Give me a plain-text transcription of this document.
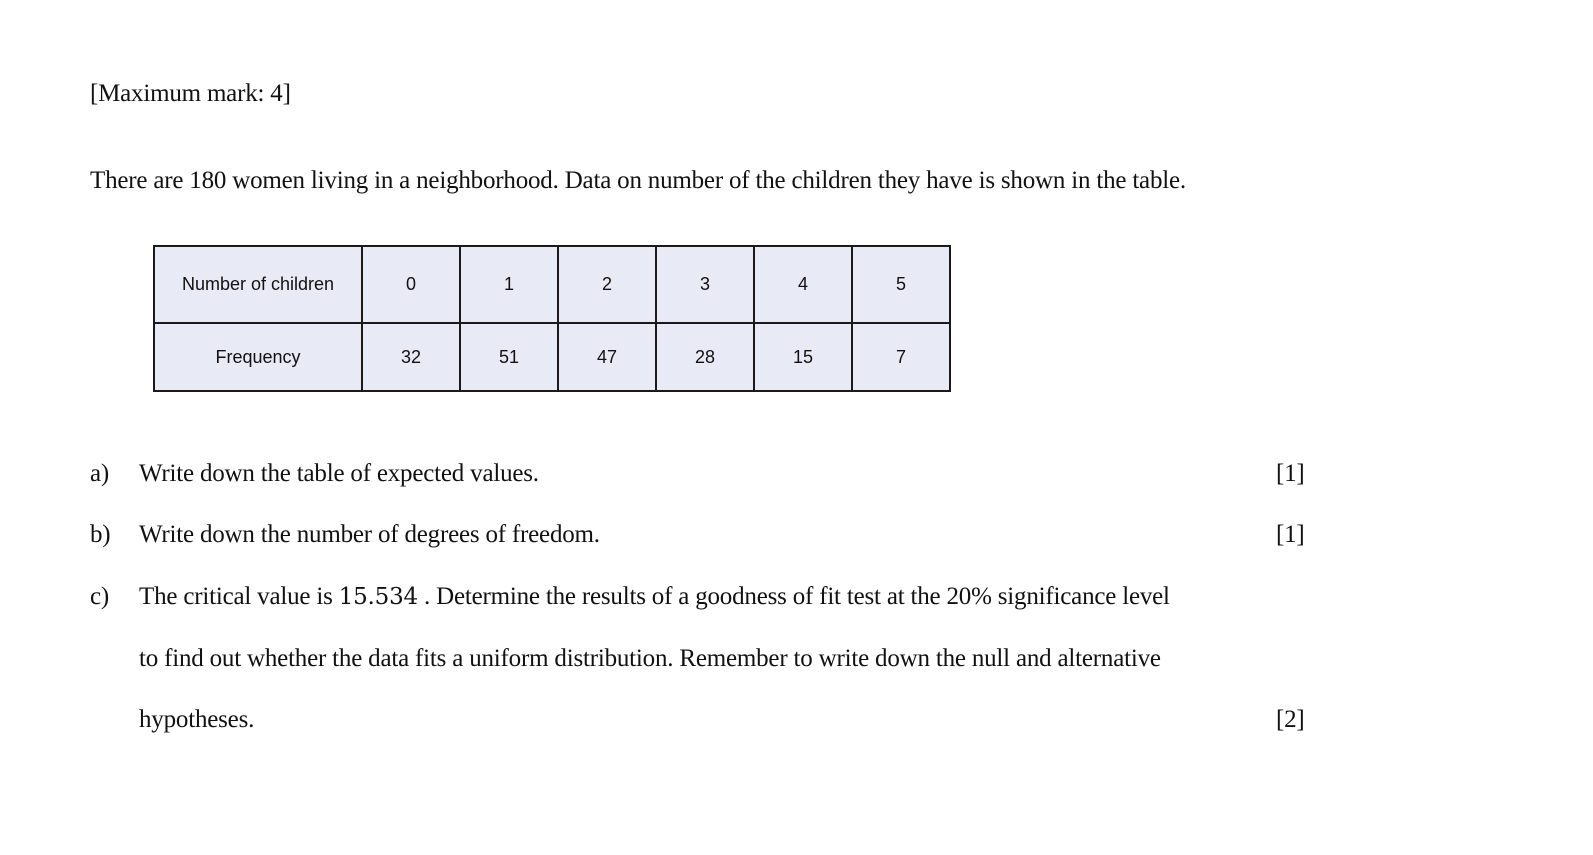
[Maximum mark: 4]
There are 180 women living in a neighborhood. Data on number of the children they have is shown in the table.
Number of children	0	1	2	3	4	5
Frequency	32	51	47	28	15	7
a) Write down the table of expected values.	[1]
b) Write down the number of degrees of freedom.	[1]
c) The critical value is 15.534 . Determine the results of a goodness of fit test at the 20% significance level
to find out whether the data fits a uniform distribution. Remember to write down the null and alternative
hypotheses.	[2]
